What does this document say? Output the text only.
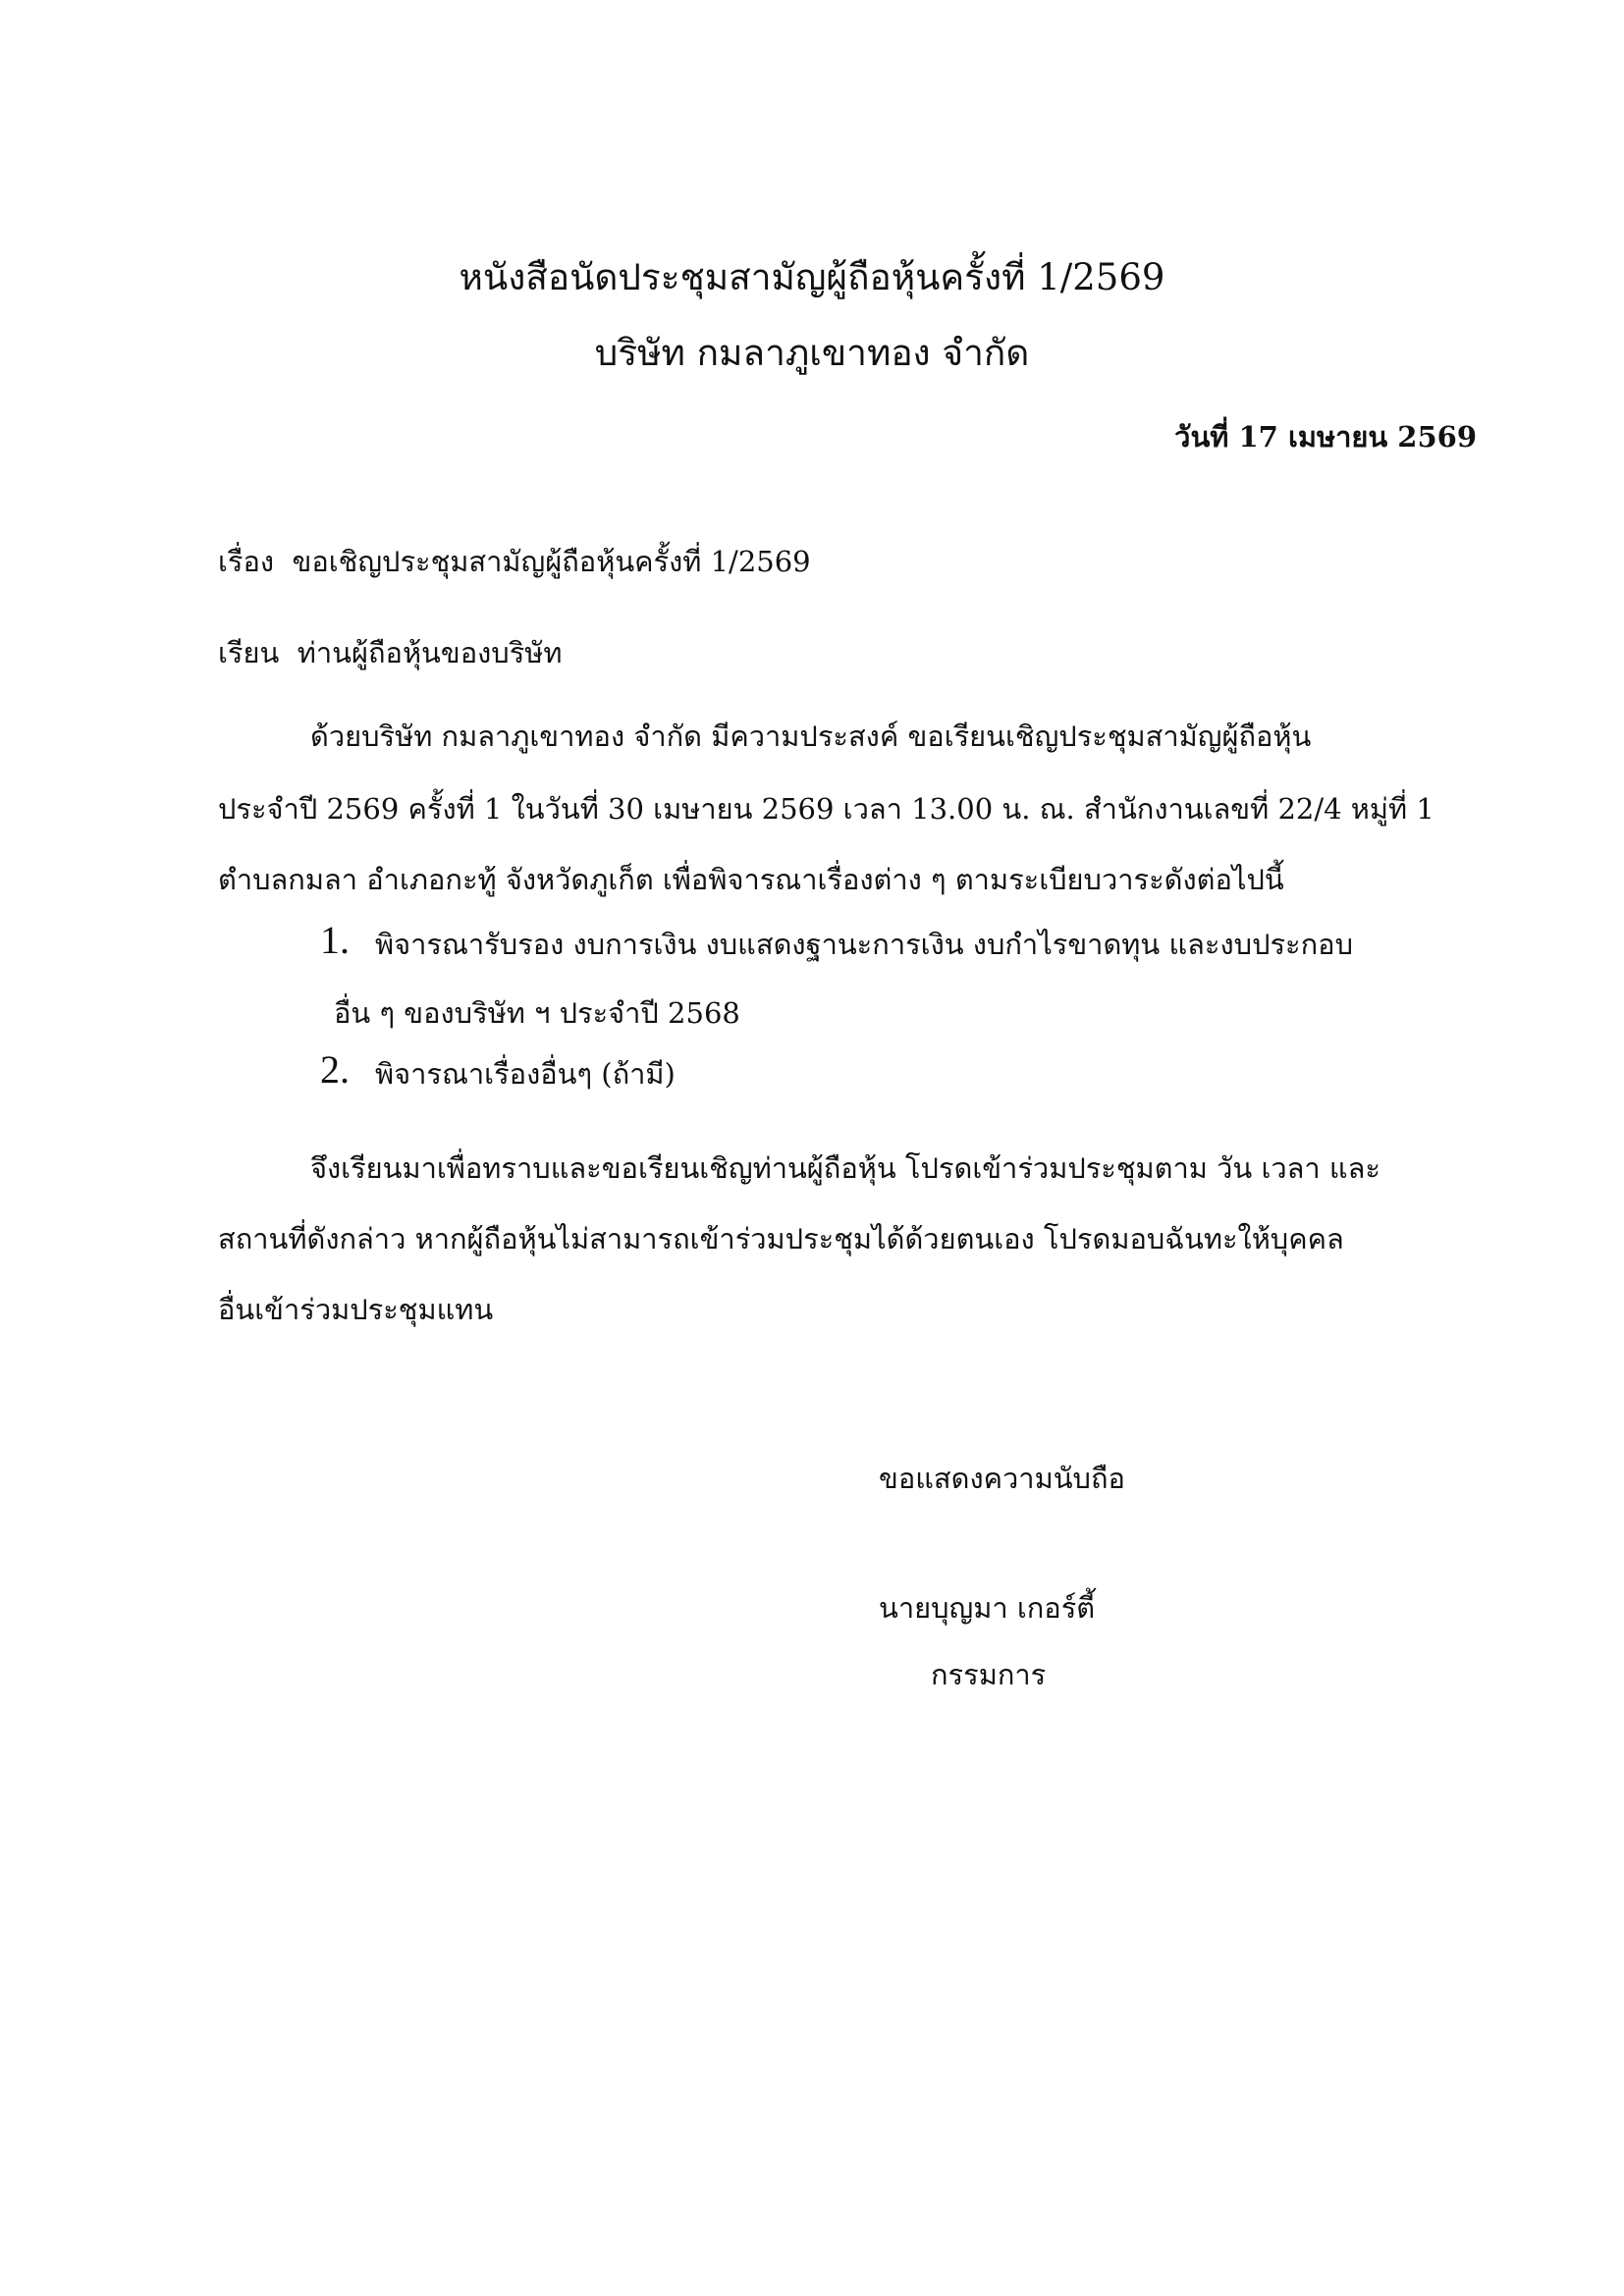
หนังสือนัดประชุมสามัญผู้ถือหุ้นครั้งที่ 1/2569

บริษัท กมลาภูเขาทอง จำกัด

วันที่ 17 เมษายน 2569

เรื่อง ขอเชิญประชุมสามัญผู้ถือหุ้นครั้งที่ 1/2569
เรียน ท่านผู้ถือหุ้นของบริษัท

ด้วยบริษัท กมลาภูเขาทอง จำกัด มีความประสงค์ ขอเรียนเชิญประชุมสามัญผู้ถือหุ้น

ประจำปี 2569 ครั้งที่ 1 ในวันที่ 30 เมษายน 2569 เวลา 13.00 น. ณ. สำนักงานเลขที่ 22/4 หมู่ที่ 1

ตำบลกมลา อำเภอกะทู้ จังหวัดภูเก็ต เพื่อพิจารณาเรื่องต่าง ๆ ตามระเบียบวาระดังต่อไปนี้

1. พิจารณารับรอง งบการเงิน งบแสดงฐานะการเงิน งบกำไรขาดทุน และงบประกอบ

อื่น ๆ ของบริษัท ฯ ประจำปี 2568

2. พิจารณาเรื่องอื่นๆ (ถ้ามี)

จึงเรียนมาเพื่อทราบและขอเรียนเชิญท่านผู้ถือหุ้น โปรดเข้าร่วมประชุมตาม วัน เวลา และ

สถานที่ดังกล่าว หากผู้ถือหุ้นไม่สามารถเข้าร่วมประชุมได้ด้วยตนเอง โปรดมอบฉันทะให้บุคคล

อื่นเข้าร่วมประชุมแทน

ขอแสดงความนับถือ

นายบุญมา เกอร์ตี้

กรรมการ
